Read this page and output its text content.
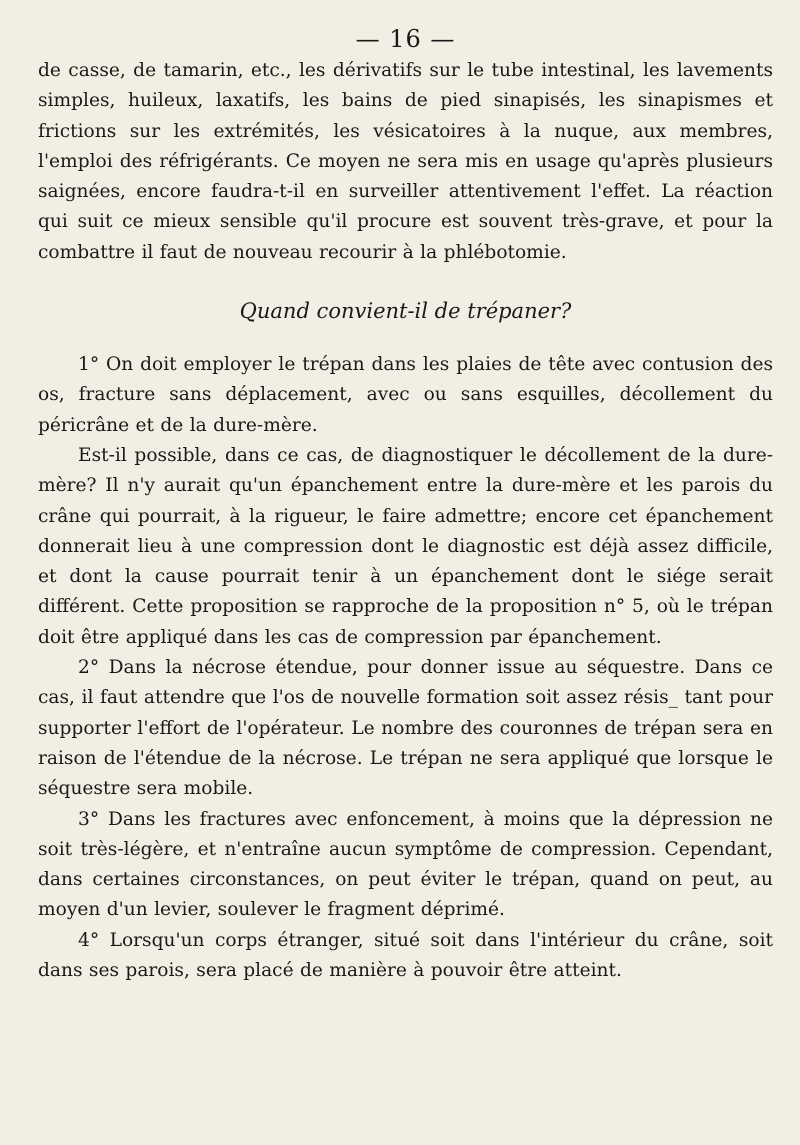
— 16 —

de casse, de tamarin, etc., les dérivatifs sur le tube intestinal, les lavements simples, huileux, laxatifs, les bains de pied sinapisés, les sinapismes et frictions sur les extrémités, les vésicatoires à la nuque, aux membres, l'emploi des réfrigérants. Ce moyen ne sera mis en usage qu'après plusieurs saignées, encore faudra-t-il en surveiller attentivement l'effet. La réaction qui suit ce mieux sensible qu'il procure est souvent très-grave, et pour la combattre il faut de nouveau recourir à la phlébotomie.

Quand convient-il de trépaner?

1° On doit employer le trépan dans les plaies de tête avec contusion des os, fracture sans déplacement, avec ou sans esquilles, décollement du péricrâne et de la dure-mère.

Est-il possible, dans ce cas, de diagnostiquer le décollement de la dure-mère? Il n'y aurait qu'un épanchement entre la dure-mère et les parois du crâne qui pourrait, à la rigueur, le faire admettre; encore cet épanchement donnerait lieu à une compression dont le diagnostic est déjà assez difficile, et dont la cause pourrait tenir à un épanchement dont le siége serait différent. Cette proposition se rapproche de la proposition n° 5, où le trépan doit être appliqué dans les cas de compression par épanchement.

2° Dans la nécrose étendue, pour donner issue au séquestre. Dans ce cas, il faut attendre que l'os de nouvelle formation soit assez résis_ tant pour supporter l'effort de l'opérateur. Le nombre des couronnes de trépan sera en raison de l'étendue de la nécrose. Le trépan ne sera appliqué que lorsque le séquestre sera mobile.

3° Dans les fractures avec enfoncement, à moins que la dépression ne soit très-légère, et n'entraîne aucun symptôme de compression. Cependant, dans certaines circonstances, on peut éviter le trépan, quand on peut, au moyen d'un levier, soulever le fragment déprimé.

4° Lorsqu'un corps étranger, situé soit dans l'intérieur du crâne, soit dans ses parois, sera placé de manière à pouvoir être atteint.
